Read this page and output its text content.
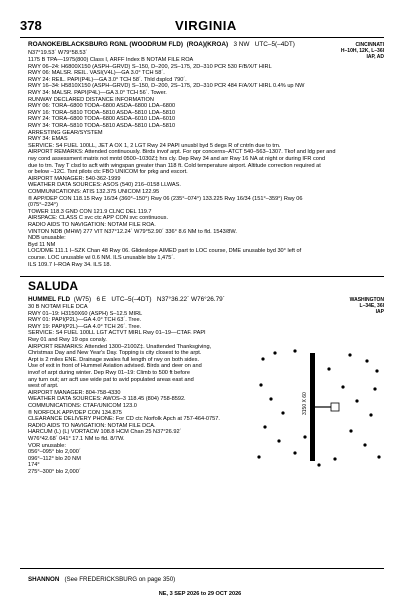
378	VIRGINIA
ROANOKE/BLACKSBURG RGNL (WOODRUM FLD) (ROA)(KROA) 3 NW UTC–5(–4DT)
N37°19.53´ W79°58.53´
CINCINNATI
H–10H, 12K, L–36I
IAP, AD
1175 B TPA—1975(800) Class I, ARFF Index B NOTAM FILE ROA
RWY 06–24: H6800X150 (ASPH–GRVD) S–150, D–200, 2S–175, 2D–310 PCR 530 F/B/X/T HIRL
RWY 06: MALSR. REIL. VASI(V4L)—GA 3.0° TCH 58´.
RWY 24: REIL. PAPI(P4L)—GA 3.0° TCH 58´. Thld dsplcd 790´.
RWY 16–34: H5810X150 (ASPH–GRVD) S–150, D–200, 2S–175, 2D–310 PCR 484 F/A/X/T HIRL 0.4% up NW
RWY 34: MALSR. PAPI(P4L)—GA 3.0° TCH 56´. Tower.
RUNWAY DECLARED DISTANCE INFORMATION
RWY 06: TORA–6800 TODA–6800 ASDA–6800 LDA–6800
RWY 16: TORA–5810 TODA–5810 ASDA–5810 LDA–5810
RWY 24: TORA–6800 TODA–6800 ASDA–6010 LDA–6010
RWY 34: TORA–5810 TODA–5810 ASDA–5810 LDA–5810
ARRESTING GEAR/SYSTEM
RWY 34: EMAS
SERVICE: S4 FUEL 100LL, JET A OX 1, 2 LGT Rwy 24 PAPI unusbl byd 5 degs R of cntrln due to trn.
AIRPORT REMARKS: Attended continuously. Birds invof arpt. For opr concerns–ATCT 540–563–1307. Tkof and ldg per and
rwy cond assessment matrix not mntd 0500–1030Z‡ hrs cly. Dep Rwy 34 and arr Rwy 16 NA at night or during IFR cond
due to trn. Twy T clsd to acft with wingspan greater than 118 ft. Cold temperature airport. Altitude correction required at
or below –12C. Tsnt pilots ctc FBO UNICOM for prkg and escort.
AIRPORT MANAGER: 540-362-1999
WEATHER DATA SOURCES: ASOS (540) 216–0158 LLWAS.
COMMUNICATIONS: ATIS 132.375 UNICOM 122.95
® APP/DEP CON 118.15 Rwy 16/34 (360°–150°) Rwy 06 (235°–074°) 133.225 Rwy 16/34 (151°–359°) Rwy 06
(075°–234°)
TOWER 118.3 GND CON 121.9 CLNC DEL 119.7
AIRSPACE: CLASS C svc ctc APP CON svc continuous.
RADIO AIDS TO NAVIGATION: NOTAM FILE ROA.
VINTON NDB (MHW) 277 VIT N37°12.24´ W79°52.90´ 336° 8.6 NM to fld. 1543/8W.
NDB unusable:
Byd 11 NM
LOC/DME 111.1 I–SZK Chan 48 Rwy 06. Glideslope AIMED part to LOC course, DME unusable byd 30° left of
course. LOC unusable wi 0.6 NM. ILS unusable blw 1,475´.
ILS 109.7 I–ROA Rwy 34. ILS 18.
SALUDA
HUMMEL FLD (W75) 6 E UTC–5(–4DT) N37°36.22´ W76°26.79´	WASHINGTON
L–34E, 36I
IAP
30 B NOTAM FILE DCA
RWY 01–19: H3150X60 (ASPH) S–12.5 MIRL
RWY 01: PAPI(P2L)—GA 4.0° TCH 63´. Tree.
RWY 19: PAPI(P2L)—GA 4.0° TCH 26´. Tree.
SERVICE: S4 FUEL 100LL LGT ACTVT MIRL Rwy 01–19—CTAF. PAPI
Rwy 01 and Rwy 19 ops consly.
AIRPORT REMARKS: Attended 1300–2100Z‡. Unattended Thanksgiving,
Christmas Day and New Year's Day. Topping is city closest to the arpt.
Arpt is 2 miles ENE. Drainage swales full length of rwy on both sides.
Use of exit in front of Hummel Aviation advised. Birds and deer on and
invof of arpt during winter. Dep Rwy 01–19: Climb to 500 ft before
any turn out; arr acft use wide pat to avid populated areas east and
west of arpt.
AIRPORT MANAGER: 804-758-4330
WEATHER DATA SOURCES: AWOS–3 118.45 (804) 758-8592.
COMMUNICATIONS: CTAF/UNICOM 123.0
® NORFOLK APP/DEP CON 134.875
CLEARANCE DELIVERY PHONE: For CD ctc Norfolk Apch at 757-464-0757.
RADIO AIDS TO NAVIGATION: NOTAM FILE DCA.
HARCUM (L) (L) VORTACW 108.8 HCM Chan 25 N37°26.92´
W76°42.68´ 041° 17.1 NM to fld. 8/7W.
VOR unusable:
056°–095° blo 2,000´
096°–112° blo 20 NM
174°
275°–300° blo 2,000´
3150 X 60
SHANNON (See FREDERICKSBURG on page 350)
NE, 3 SEP 2026 to 29 OCT 2026
